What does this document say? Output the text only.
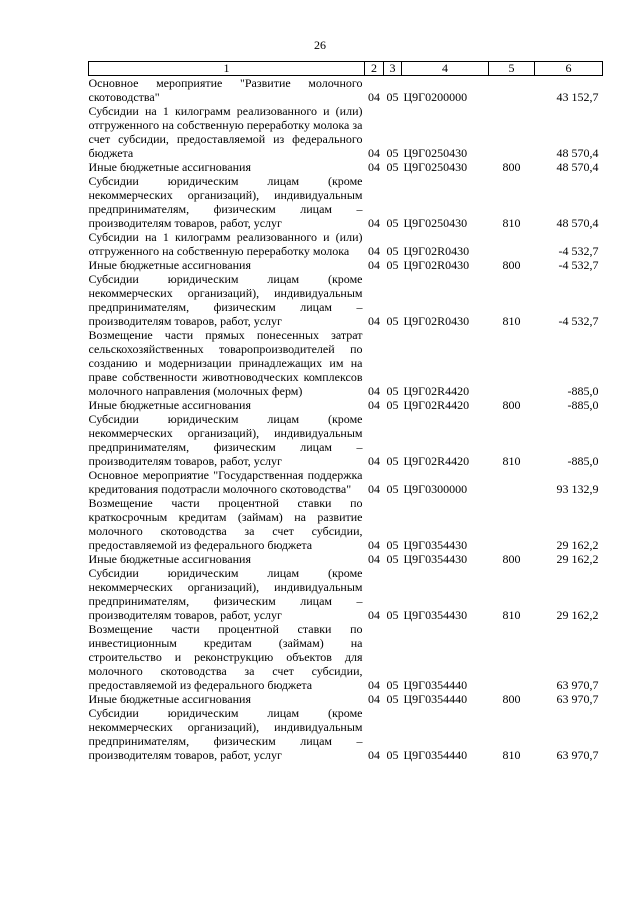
26
1	2	3	4	5	6
Основное мероприятие "Развитие молочного скотоводства"	04	05	Ц9Г0200000		43 152,7
Субсидии на 1 килограмм реализованного и (или) отгруженного на собственную переработку молока за счет субсидии, предоставляемой из федерального бюджета	04	05	Ц9Г0250430		48 570,4
Иные бюджетные ассигнования	04	05	Ц9Г0250430	800	48 570,4
Субсидии юридическим лицам (кроме некоммерческих организаций), индивидуальным предпринимателям, физическим лицам – производителям товаров, работ, услуг	04	05	Ц9Г0250430	810	48 570,4
Субсидии на 1 килограмм реализованного и (или) отгруженного на собственную переработку молока	04	05	Ц9Г02R0430		-4 532,7
Иные бюджетные ассигнования	04	05	Ц9Г02R0430	800	-4 532,7
Субсидии юридическим лицам (кроме некоммерческих организаций), индивидуальным предпринимателям, физическим лицам – производителям товаров, работ, услуг	04	05	Ц9Г02R0430	810	-4 532,7
Возмещение части прямых понесенных затрат сельскохозяйственных товаропроизводителей по созданию и модернизации принадлежащих им на праве собственности животноводческих комплексов молочного направления (молочных ферм)	04	05	Ц9Г02R4420		-885,0
Иные бюджетные ассигнования	04	05	Ц9Г02R4420	800	-885,0
Субсидии юридическим лицам (кроме некоммерческих организаций), индивидуальным предпринимателям, физическим лицам – производителям товаров, работ, услуг	04	05	Ц9Г02R4420	810	-885,0
Основное мероприятие "Государственная поддержка кредитования подотрасли молочного скотоводства"	04	05	Ц9Г0300000		93 132,9
Возмещение части процентной ставки по краткосрочным кредитам (займам) на развитие молочного скотоводства за счет субсидии, предоставляемой из федерального бюджета	04	05	Ц9Г0354430		29 162,2
Иные бюджетные ассигнования	04	05	Ц9Г0354430	800	29 162,2
Субсидии юридическим лицам (кроме некоммерческих организаций), индивидуальным предпринимателям, физическим лицам – производителям товаров, работ, услуг	04	05	Ц9Г0354430	810	29 162,2
Возмещение части процентной ставки по инвестиционным кредитам (займам) на строительство и реконструкцию объектов для молочного скотоводства за счет субсидии, предоставляемой из федерального бюджета	04	05	Ц9Г0354440		63 970,7
Иные бюджетные ассигнования	04	05	Ц9Г0354440	800	63 970,7
Субсидии юридическим лицам (кроме некоммерческих организаций), индивидуальным предпринимателям, физическим лицам – производителям товаров, работ, услуг	04	05	Ц9Г0354440	810	63 970,7
